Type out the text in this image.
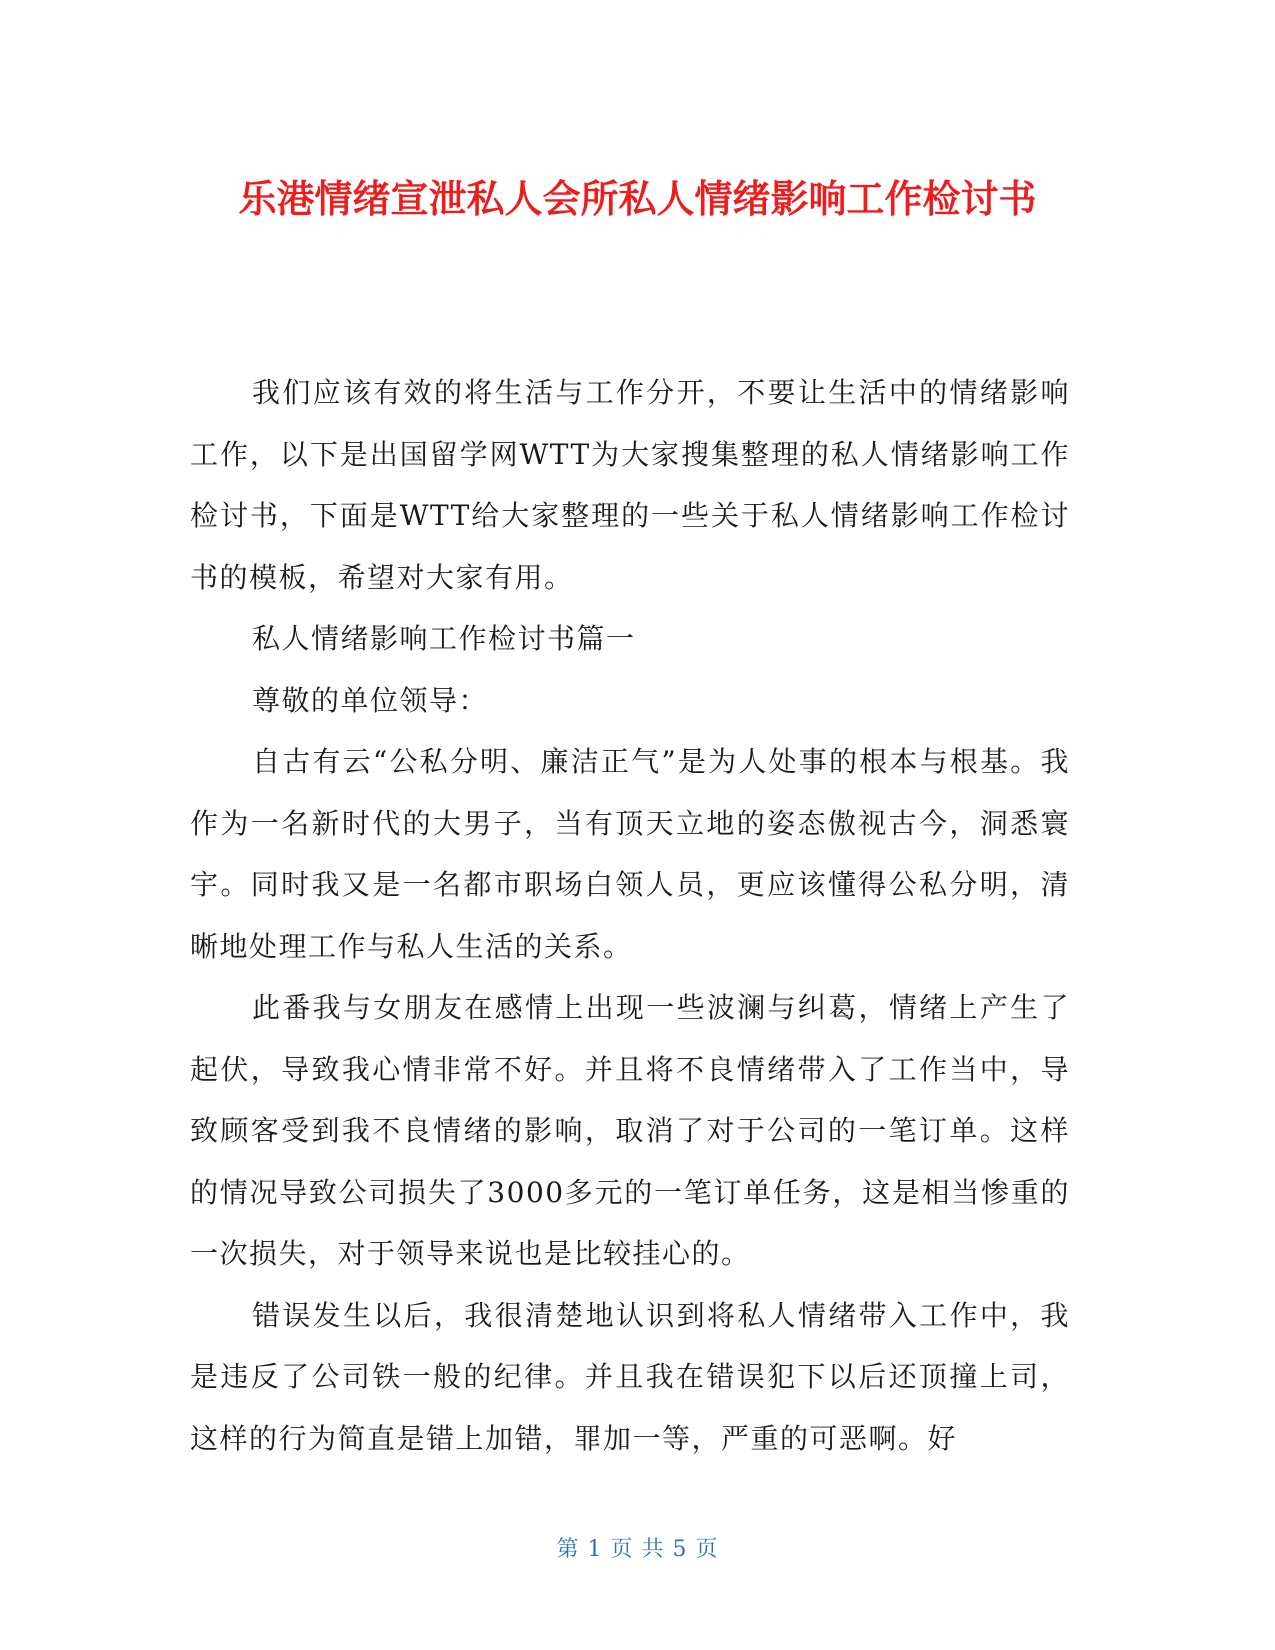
乐港情绪宣泄私人会所私人情绪影响工作检讨书

我们应该有效的将生活与工作分开，不要让生活中的情绪影响工作，以下是出国留学网WTT为大家搜集整理的私人情绪影响工作检讨书，下面是WTT给大家整理的一些关于私人情绪影响工作检讨书的模板，希望对大家有用。

私人情绪影响工作检讨书篇一

尊敬的单位领导：

自古有云“公私分明、廉洁正气”是为人处事的根本与根基。我作为一名新时代的大男子，当有顶天立地的姿态傲视古今，洞悉寰宇。同时我又是一名都市职场白领人员，更应该懂得公私分明，清晰地处理工作与私人生活的关系。

此番我与女朋友在感情上出现一些波澜与纠葛，情绪上产生了起伏，导致我心情非常不好。并且将不良情绪带入了工作当中，导致顾客受到我不良情绪的影响，取消了对于公司的一笔订单。这样的情况导致公司损失了3000多元的一笔订单任务，这是相当惨重的一次损失，对于领导来说也是比较挂心的。

错误发生以后，我很清楚地认识到将私人情绪带入工作中，我是违反了公司铁一般的纪律。并且我在错误犯下以后还顶撞上司，这样的行为简直是错上加错，罪加一等，严重的可恶啊。好

第 1 页 共 5 页
